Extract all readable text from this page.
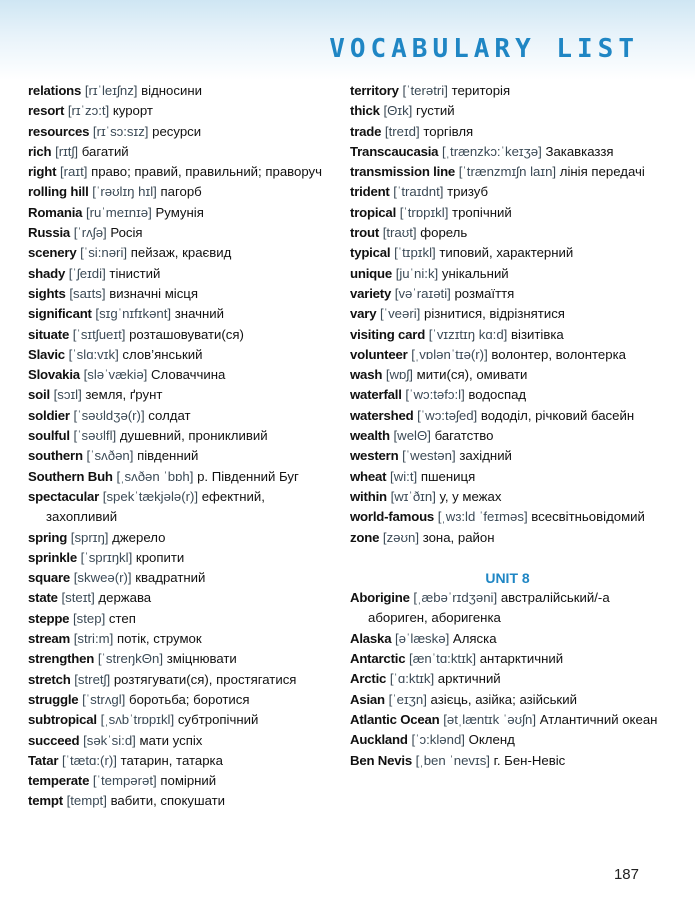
VOCABULARY LIST
relations [rɪˈleɪʃnz] відносини
resort [rɪˈzɔ:t] курорт
resources [rɪˈsɔ:sɪz] ресурси
rich [rɪtʃ] багатий
right [raɪt] право; правий, правильний; праворуч
rolling hill [ˈrəʊlɪŋ hɪl] пагорб
Romania [ruˈmeɪnɪə] Румунія
Russia [ˈrʌʃə] Росія
scenery [ˈsi:nəri] пейзаж, краєвид
shady [ˈʃeɪdi] тінистий
sights [saɪts] визначні місця
significant [sɪɡˈnɪfɪkənt] значний
situate [ˈsɪtʃueɪt] розташовувати(ся)
Slavic [ˈslɑ:vɪk] слов’янський
Slovakia [sləˈvækiə] Словаччина
soil [sɔɪl] земля, ґрунт
soldier [ˈsəʊldʒə(r)] солдат
soulful [ˈsəʊlfl] душевний, проникливий
southern [ˈsʌðən] південний
Southern Buh [ˌsʌðən ˈbɒh] р. Південний Буг
spectacular [spekˈtækjələ(r)] ефектний, захопливий
spring [sprɪŋ] джерело
sprinkle [ˈsprɪŋkl] кропити
square [skweə(r)] квадратний
state [steɪt] держава
steppe [step] степ
stream [stri:m] потік, струмок
strengthen [ˈstreŋkΘn] зміцнювати
stretch [stretʃ] розтягувати(ся), простягатися
struggle [ˈstrʌɡl] боротьба; боротися
subtropical [ˌsʌbˈtrɒpɪkl] субтропічний
succeed [səkˈsi:d] мати успіх
Tatar [ˈtætɑ:(r)] татарин, татарка
temperate [ˈtempərət] помірний
tempt [tempt] вабити, спокушати
territory [ˈterətri] територія
thick [Θɪk] густий
trade [treɪd] торгівля
Transcaucasia [ˌtrænzkɔ:ˈkeɪʒə] Закавказзя
transmission line [ˈtrænzmɪʃn laɪn] лінія передачі
trident [ˈtraɪdnt] тризуб
tropical [ˈtrɒpɪkl] тропічний
trout [traʊt] форель
typical [ˈtɪpɪkl] типовий, характерний
unique [juˈni:k] унікальний
variety [vəˈraɪəti] розмаїття
vary [ˈveəri] різнитися, відрізнятися
visiting card [ˈvɪzɪtɪŋ kɑ:d] візитівка
volunteer [ˌvɒlənˈtɪə(r)] волонтер, волонтерка
wash [wɒʃ] мити(ся), омивати
waterfall [ˈwɔ:təfɔ:l] водоспад
watershed [ˈwɔ:təʃed] вододіл, річковий басейн
wealth [welΘ] багатство
western [ˈwestən] західний
wheat [wi:t] пшениця
within [wɪˈðɪn] у, у межах
world-famous [ˌwɜ:ld ˈfeɪməs] всесвітньовідомий
zone [zəʊn] зона, район
UNIT 8
Aborigine [ˌæbəˈrɪdʒəni] австралійський/-а абориген, аборигенка
Alaska [əˈlæskə] Аляска
Antarctic [ænˈtɑ:ktɪk] антарктичний
Arctic [ˈɑ:ktɪk] арктичний
Asian [ˈeɪʒn] азієць, азійка; азійський
Atlantic Ocean [ətˌlæntɪk ˈəʊʃn] Атлантичний океан
Auckland [ˈɔ:klənd] Окленд
Ben Nevis [ˌben ˈnevɪs] г. Бен-Невіс
187
